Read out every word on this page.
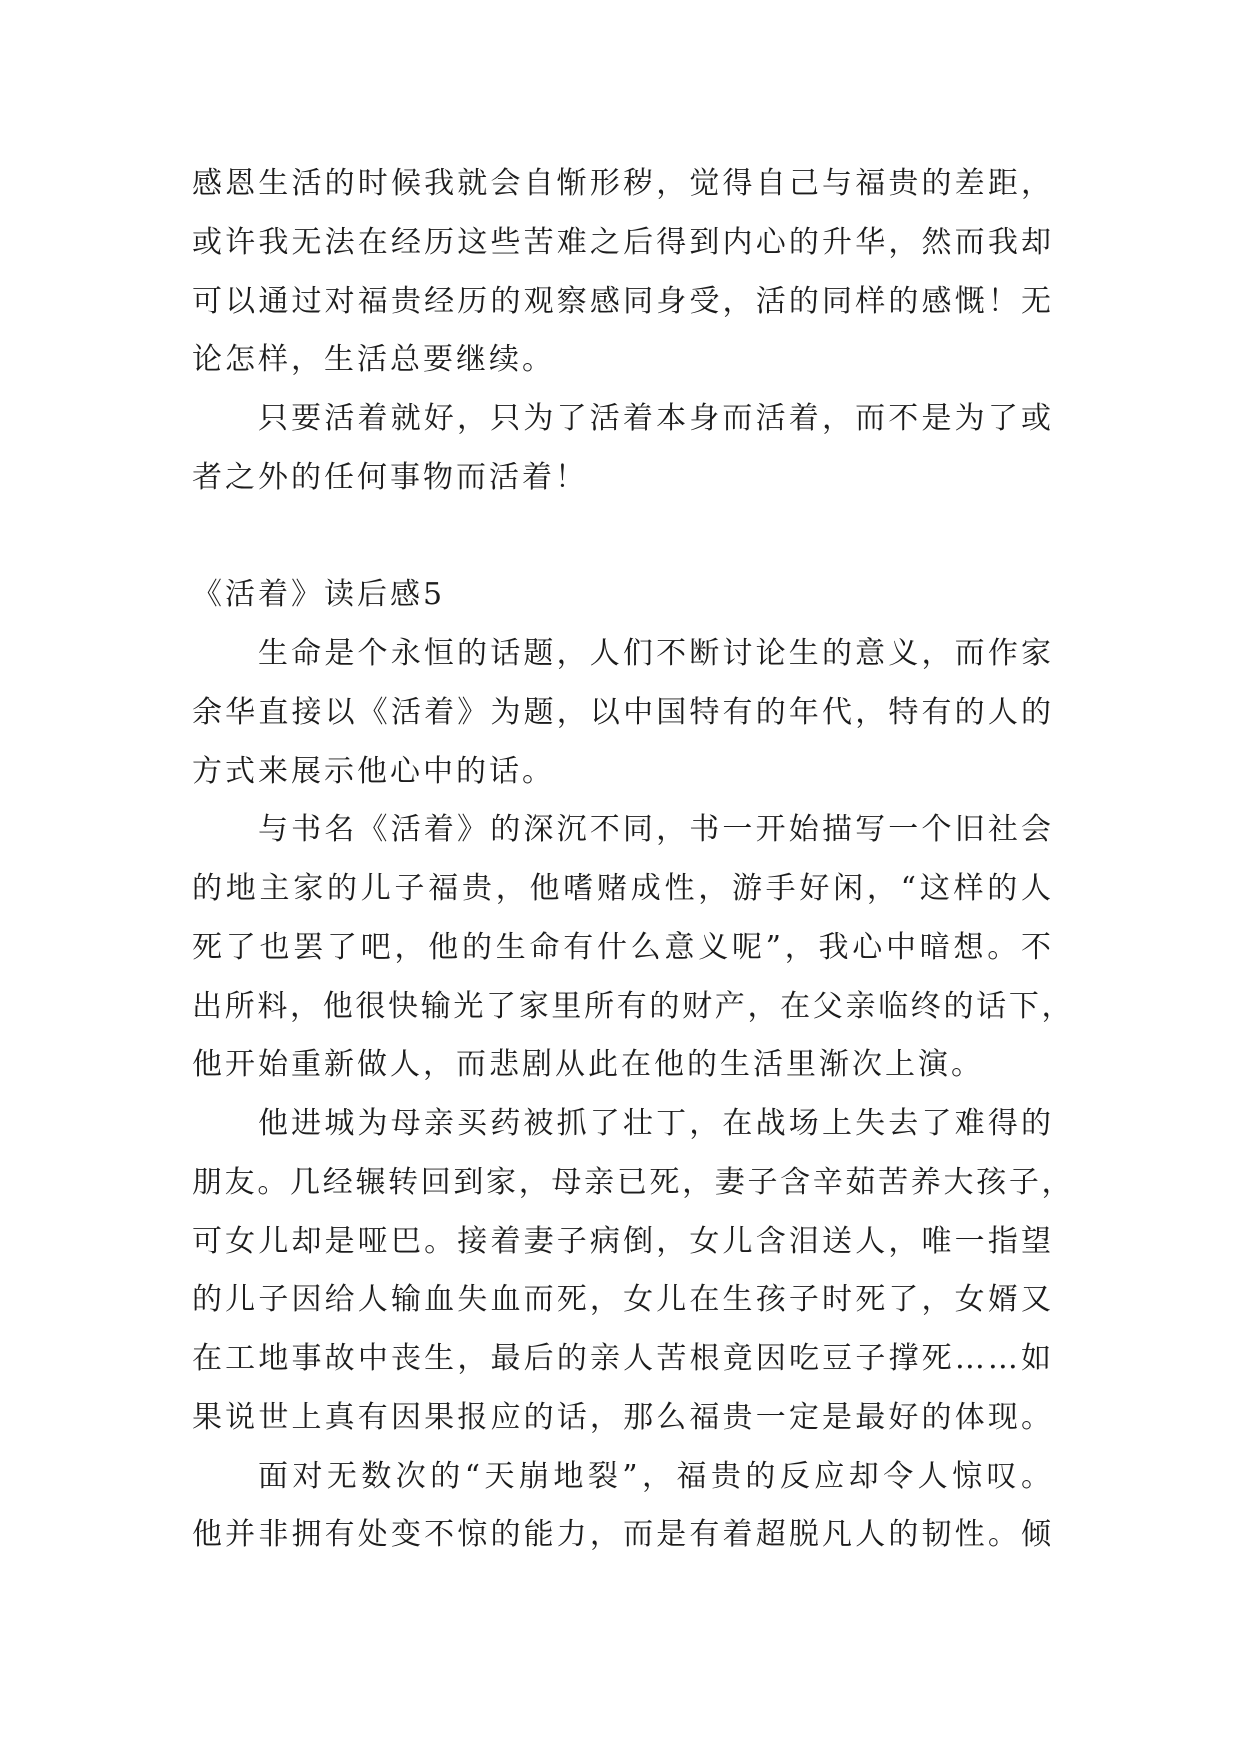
感恩生活的时候我就会自惭形秽，觉得自己与福贵的差距，
或许我无法在经历这些苦难之后得到内心的升华，然而我却
可以通过对福贵经历的观察感同身受，活的同样的感慨！无
论怎样，生活总要继续。
只要活着就好，只为了活着本身而活着，而不是为了或
者之外的任何事物而活着！
《活着》读后感5
生命是个永恒的话题，人们不断讨论生的意义，而作家
余华直接以《活着》为题，以中国特有的年代，特有的人的
方式来展示他心中的话。
与书名《活着》的深沉不同，书一开始描写一个旧社会
的地主家的儿子福贵，他嗜赌成性，游手好闲，“这样的人
死了也罢了吧，他的生命有什么意义呢”，我心中暗想。不
出所料，他很快输光了家里所有的财产，在父亲临终的话下，
他开始重新做人，而悲剧从此在他的生活里渐次上演。
他进城为母亲买药被抓了壮丁，在战场上失去了难得的
朋友。几经辗转回到家，母亲已死，妻子含辛茹苦养大孩子，
可女儿却是哑巴。接着妻子病倒，女儿含泪送人，唯一指望
的儿子因给人输血失血而死，女儿在生孩子时死了，女婿又
在工地事故中丧生，最后的亲人苦根竟因吃豆子撑死……如
果说世上真有因果报应的话，那么福贵一定是最好的体现。
面对无数次的“天崩地裂”，福贵的反应却令人惊叹。
他并非拥有处变不惊的能力，而是有着超脱凡人的韧性。倾
